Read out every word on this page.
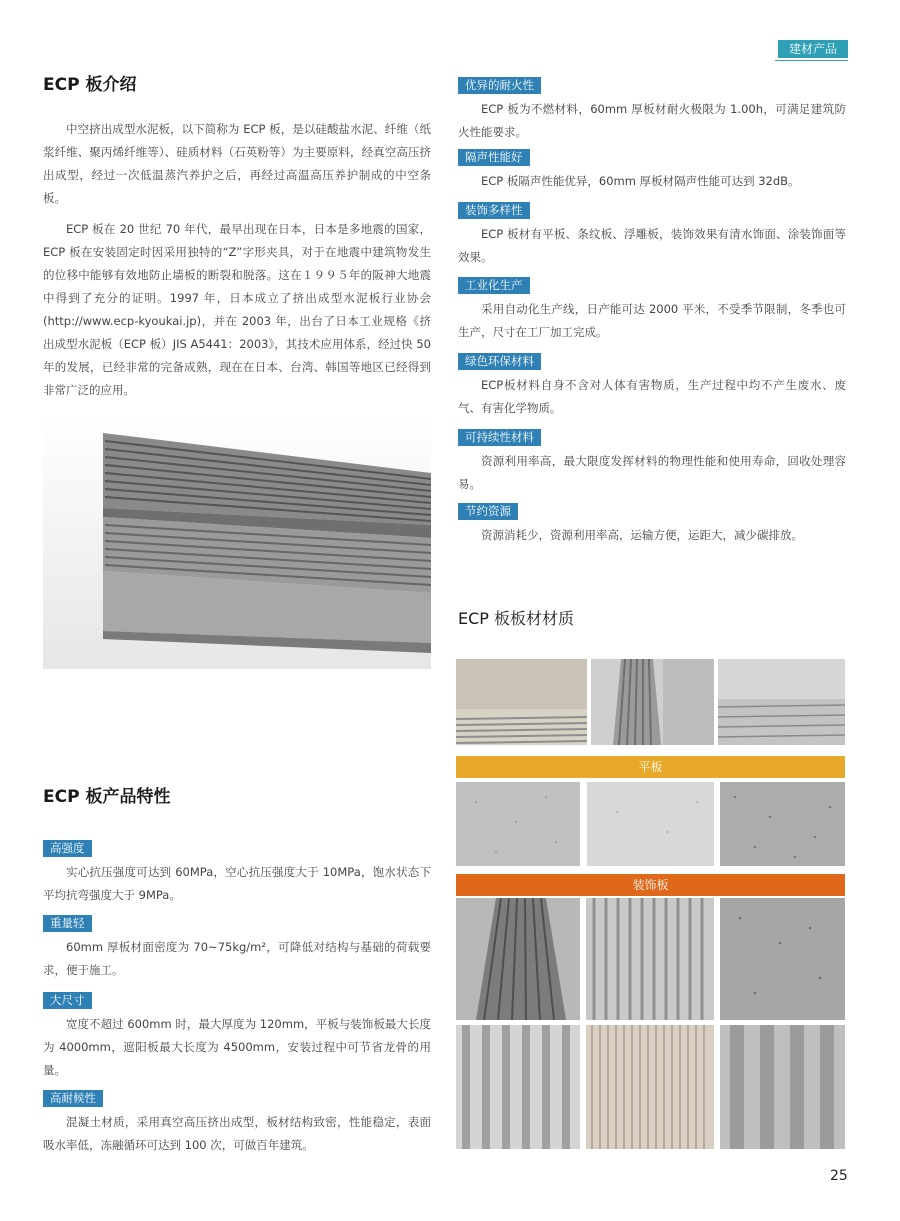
建材产品
ECP 板介绍
中空挤出成型水泥板，以下简称为 ECP 板，是以硅酸盐水泥、纤维（纸浆纤维、聚丙烯纤维等）、硅质材料（石英粉等）为主要原料，经真空高压挤出成型，经过一次低温蒸汽养护之后，再经过高温高压养护制成的中空条板。
ECP 板在 20 世纪 70 年代，最早出现在日本，日本是多地震的国家，ECP 板在安装固定时因采用独特的“Z”字形夹具，对于在地震中建筑物发生的位移中能够有效地防止墙板的断裂和脱落。这在１９９５年的阪神大地震中得到了充分的证明。1997 年，日本成立了挤出成型水泥板行业协会 (http://www.ecp-kyoukai.jp)，并在 2003 年，出台了日本工业规格《挤出成型水泥板（ECP 板）JIS A5441：2003》，其技术应用体系，经过快 50 年的发展，已经非常的完备成熟，现在在日本、台湾、韩国等地区已经得到非常广泛的应用。
ECP 板产品特性
高强度
实心抗压强度可达到 60MPa，空心抗压强度大于 10MPa，饱水状态下平均抗弯强度大于 9MPa。
重量轻
60mm 厚板材面密度为 70~75kg/m²，可降低对结构与基础的荷载要求，便于施工。
大尺寸
宽度不超过 600mm 时，最大厚度为 120mm，平板与装饰板最大长度为 4000mm，遮阳板最大长度为 4500mm，安装过程中可节省龙骨的用量。
高耐候性
混凝土材质，采用真空高压挤出成型，板材结构致密，性能稳定，表面吸水率低，冻融循环可达到 100 次，可做百年建筑。
优异的耐火性
ECP 板为不燃材料，60mm 厚板材耐火极限为 1.00h，可满足建筑防火性能要求。
隔声性能好
ECP 板隔声性能优异，60mm 厚板材隔声性能可达到 32dB。
装饰多样性
ECP 板材有平板、条纹板、浮雕板，装饰效果有清水饰面、涂装饰面等效果。
工业化生产
采用自动化生产线，日产能可达 2000 平米，不受季节限制，冬季也可生产，尺寸在工厂加工完成。
绿色环保材料
ECP板材料自身不含对人体有害物质，生产过程中均不产生废水、废气、有害化学物质。
可持续性材料
资源利用率高，最大限度发挥材料的物理性能和使用寿命，回收处理容易。
节约资源
资源消耗少，资源利用率高，运输方便，运距大，减少碳排放。
ECP 板板材材质
平板
装饰板
25
